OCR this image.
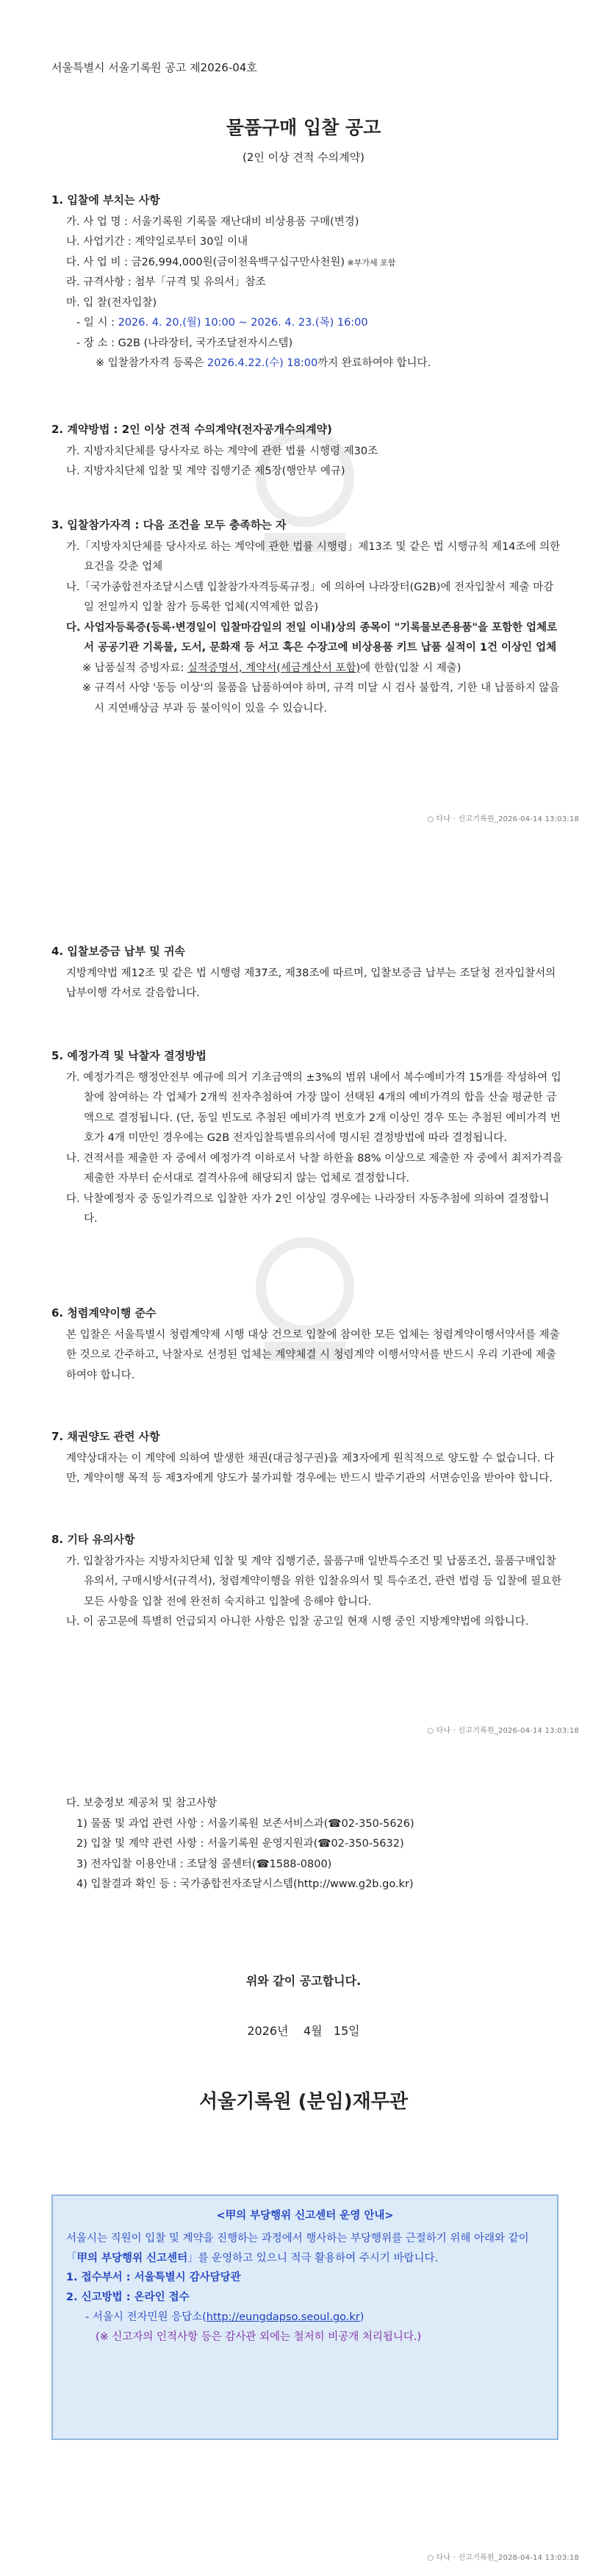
서울특별시 서울기록원 공고 제2026-04호
물품구매 입찰 공고
(2인 이상 견적 수의계약)
1. 입찰에 부치는 사항
가. 사 업 명 : 서울기록원 기록물 재난대비 비상용품 구매(변경)
나. 사업기간 : 계약일로부터 30일 이내
다. 사 업 비 : 금26,994,000원(금이천육백구십구만사천원) ※부가세 포함
라. 규격사항 : 첨부「규격 및 유의서」참조
마. 입 찰(전자입찰)
- 일 시 : 2026. 4. 20.(월) 10:00 ~ 2026. 4. 23.(목) 16:00
- 장 소 : G2B (나라장터, 국가조달전자시스템)
※ 입찰참가자격 등록은 2026.4.22.(수) 18:00까지 완료하여야 합니다.
2. 계약방법 : 2인 이상 견적 수의계약(전자공개수의계약)
가. 지방자치단체를 당사자로 하는 계약에 관한 법률 시행령 제30조
나. 지방자치단체 입찰 및 계약 집행기준 제5장(행안부 예규)
3. 입찰참가자격 : 다음 조건을 모두 충족하는 자
가.「지방자치단체를 당사자로 하는 계약에 관한 법률 시행령」제13조 및 같은 법 시행규칙 제14조에 의한 요건을 갖춘 업체
나.「국가종합전자조달시스템 입찰참가자격등록규정」에 의하여 나라장터(G2B)에 전자입찰서 제출 마감일 전일까지 입찰 참가 등록한 업체(지역제한 없음)
다. 사업자등록증(등록·변경일이 입찰마감일의 전일 이내)상의 종목이 "기록물보존용품"을 포함한 업체로서 공공기관 기록물, 도서, 문화재 등 서고 혹은 수장고에 비상용품 키트 납품 실적이 1건 이상인 업체
※ 납품실적 증빙자료: 실적증명서, 계약서(세금계산서 포함)에 한함(입찰 시 제출)
※ 규격서 사양 '동등 이상'의 물품을 납품하여야 하며, 규격 미달 시 검사 불합격, 기한 내 납품하지 않을 시 지연배상금 부과 등 불이익이 있을 수 있습니다.
○ 다나 · 신고기록원_2026-04-14 13:03:18
4. 입찰보증금 납부 및 귀속
지방계약법 제12조 및 같은 법 시행령 제37조, 제38조에 따르며, 입찰보증금 납부는 조달청 전자입찰서의 납부이행 각서로 갈음합니다.
5. 예정가격 및 낙찰자 결정방법
가. 예정가격은 행정안전부 예규에 의거 기초금액의 ±3%의 범위 내에서 복수예비가격 15개를 작성하여 입찰에 참여하는 각 업체가 2개씩 전자추첨하여 가장 많이 선택된 4개의 예비가격의 합을 산술 평균한 금액으로 결정됩니다. (단, 동일 빈도로 추첨된 예비가격 번호가 2개 이상인 경우 또는 추첨된 예비가격 번호가 4개 미만인 경우에는 G2B 전자입찰특별유의서에 명시된 결정방법에 따라 결정됩니다.
나. 견적서를 제출한 자 중에서 예정가격 이하로서 낙찰 하한율 88% 이상으로 제출한 자 중에서 최저가격을 제출한 자부터 순서대로 결격사유에 해당되지 않는 업체로 결정합니다.
다. 낙찰예정자 중 동일가격으로 입찰한 자가 2인 이상일 경우에는 나라장터 자동추첨에 의하여 결정합니다.
6. 청렴계약이행 준수
본 입찰은 서울특별시 청렴계약제 시행 대상 건으로 입찰에 참여한 모든 업체는 청렴계약이행서약서를 제출한 것으로 간주하고, 낙찰자로 선정된 업체는 계약체결 시 청렴계약 이행서약서를 반드시 우리 기관에 제출하여야 합니다.
7. 채권양도 관련 사항
계약상대자는 이 계약에 의하여 발생한 채권(대금청구권)을 제3자에게 원칙적으로 양도할 수 없습니다. 다만, 계약이행 목적 등 제3자에게 양도가 불가피할 경우에는 반드시 발주기관의 서면승인을 받아야 합니다.
8. 기타 유의사항
가. 입찰참가자는 지방자치단체 입찰 및 계약 집행기준, 물품구매 일반특수조건 및 납품조건, 물품구매입찰유의서, 구매시방서(규격서), 청렴계약이행을 위한 입찰유의서 및 특수조건, 관련 법령 등 입찰에 필요한 모든 사항을 입찰 전에 완전히 숙지하고 입찰에 응해야 합니다.
나. 이 공고문에 특별히 언급되지 아니한 사항은 입찰 공고일 현재 시행 중인 지방계약법에 의합니다.
○ 다나 · 신고기록원_2026-04-14 13:03:18
다. 보충정보 제공처 및 참고사항
1) 물품 및 과업 관련 사항 : 서울기록원 보존서비스과(☎02-350-5626)
2) 입찰 및 계약 관련 사항 : 서울기록원 운영지원과(☎02-350-5632)
3) 전자입찰 이용안내 : 조달청 콜센터(☎1588-0800)
4) 입찰결과 확인 등 : 국가종합전자조달시스템(http://www.g2b.go.kr)
위와 같이 공고합니다.
2026년    4월   15일
서울기록원 (분임)재무관
<甲의 부당행위 신고센터 운영 안내>
서울시는 직원이 입찰 및 계약을 진행하는 과정에서 행사하는 부당행위를 근절하기 위해 아래와 같이 「甲의 부당행위 신고센터」를 운영하고 있으니 적극 활용하여 주시기 바랍니다.
1. 접수부서 : 서울특별시 감사담당관
2. 신고방법 : 온라인 접수
- 서울시 전자민원 응답소(http://eungdapso.seoul.go.kr)
(※ 신고자의 인적사항 등은 감사관 외에는 철저히 비공개 처리됩니다.)
○ 다나 · 신고기록원_2026-04-14 13:03:18
